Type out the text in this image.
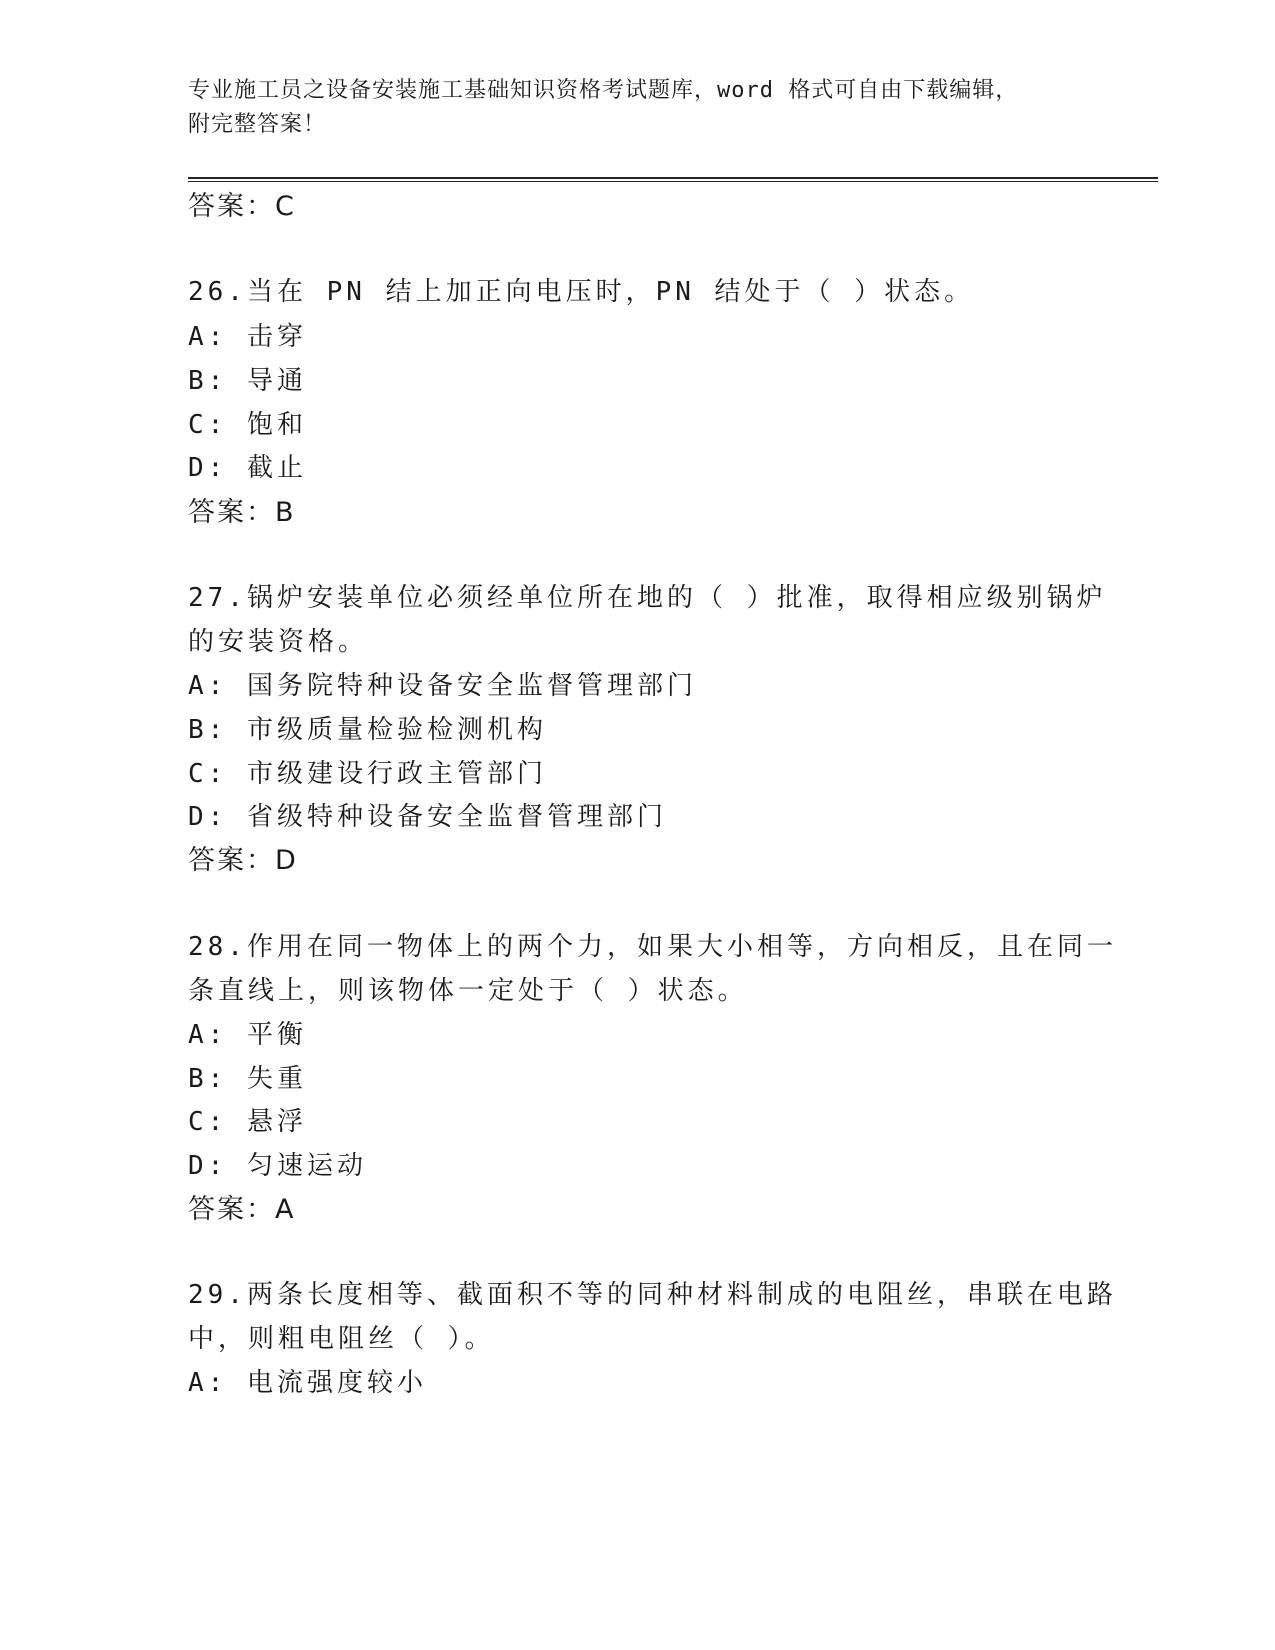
专业施工员之设备安装施工基础知识资格考试题库，word 格式可自由下载编辑，
附完整答案！
答案：C
26.当在 PN 结上加正向电压时，PN 结处于（ ）状态。
A: 击穿
B: 导通
C: 饱和
D: 截止
答案：B
27.锅炉安装单位必须经单位所在地的（ ）批准，取得相应级别锅炉
的安装资格。
A: 国务院特种设备安全监督管理部门
B: 市级质量检验检测机构
C: 市级建设行政主管部门
D: 省级特种设备安全监督管理部门
答案：D
28.作用在同一物体上的两个力，如果大小相等，方向相反，且在同一
条直线上，则该物体一定处于（ ）状态。
A: 平衡
B: 失重
C: 悬浮
D: 匀速运动
答案：A
29.两条长度相等、截面积不等的同种材料制成的电阻丝，串联在电路
中，则粗电阻丝（ ）。
A: 电流强度较小
